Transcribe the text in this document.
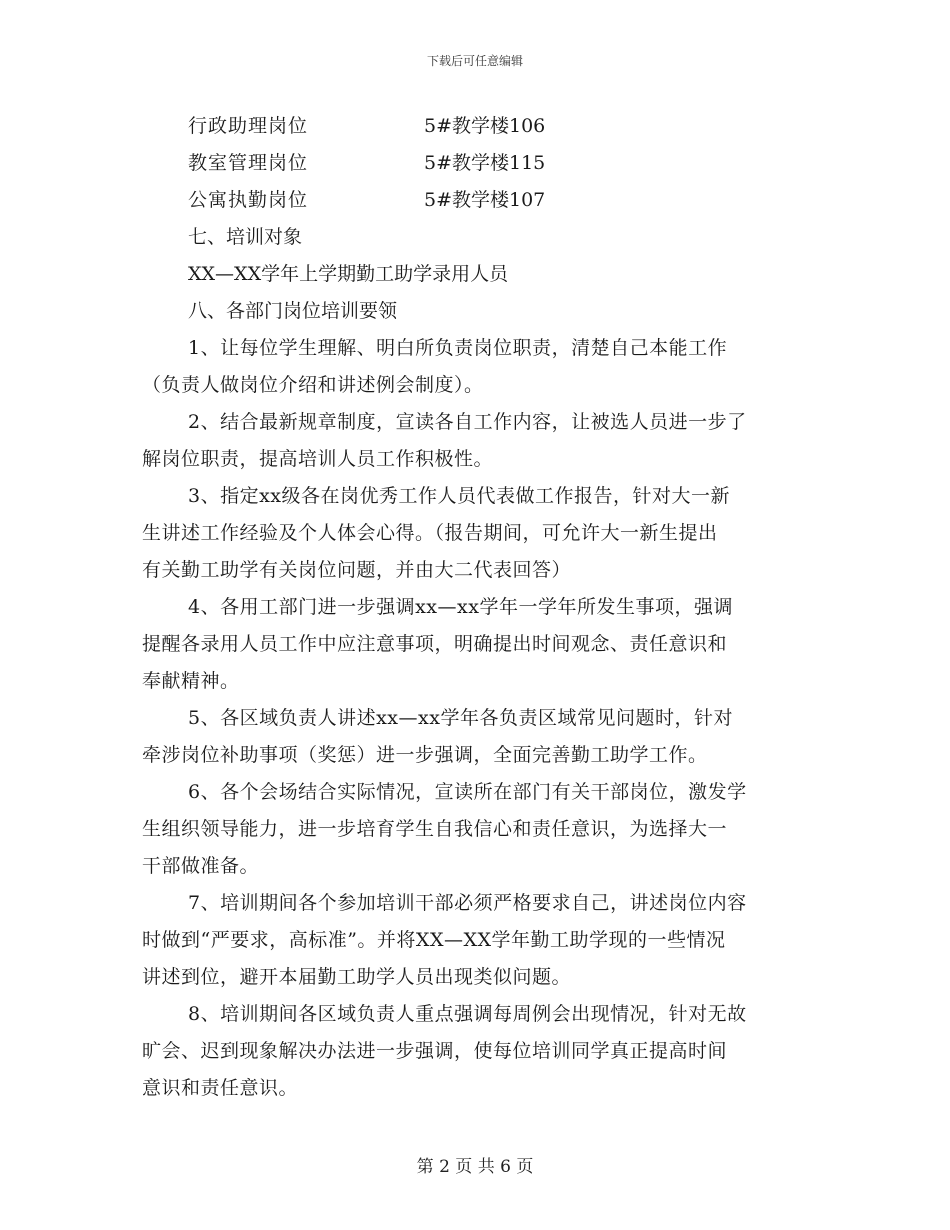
下载后可任意编辑
行政助理岗位	5#教学楼106
教室管理岗位	5#教学楼115
公寓执勤岗位	5#教学楼107
七、培训对象
XX—XX学年上学期勤工助学录用人员
八、各部门岗位培训要领
1、让每位学生理解、明白所负责岗位职责，清楚自己本能工作
（负责人做岗位介绍和讲述例会制度）。
2、结合最新规章制度，宣读各自工作内容，让被选人员进一步了
解岗位职责，提高培训人员工作积极性。
3、指定xx级各在岗优秀工作人员代表做工作报告，针对大一新
生讲述工作经验及个人体会心得。（报告期间，可允许大一新生提出
有关勤工助学有关岗位问题，并由大二代表回答）
4、各用工部门进一步强调xx—xx学年一学年所发生事项，强调
提醒各录用人员工作中应注意事项，明确提出时间观念、责任意识和
奉献精神。
5、各区域负责人讲述xx—xx学年各负责区域常见问题时，针对
牵涉岗位补助事项（奖惩）进一步强调，全面完善勤工助学工作。
6、各个会场结合实际情况，宣读所在部门有关干部岗位，激发学
生组织领导能力，进一步培育学生自我信心和责任意识，为选择大一
干部做准备。
7、培训期间各个参加培训干部必须严格要求自己，讲述岗位内容
时做到“严要求，高标准”。并将XX—XX学年勤工助学现的一些情况
讲述到位，避开本届勤工助学人员出现类似问题。
8、培训期间各区域负责人重点强调每周例会出现情况，针对无故
旷会、迟到现象解决办法进一步强调，使每位培训同学真正提高时间
意识和责任意识。
第 2 页 共 6 页
